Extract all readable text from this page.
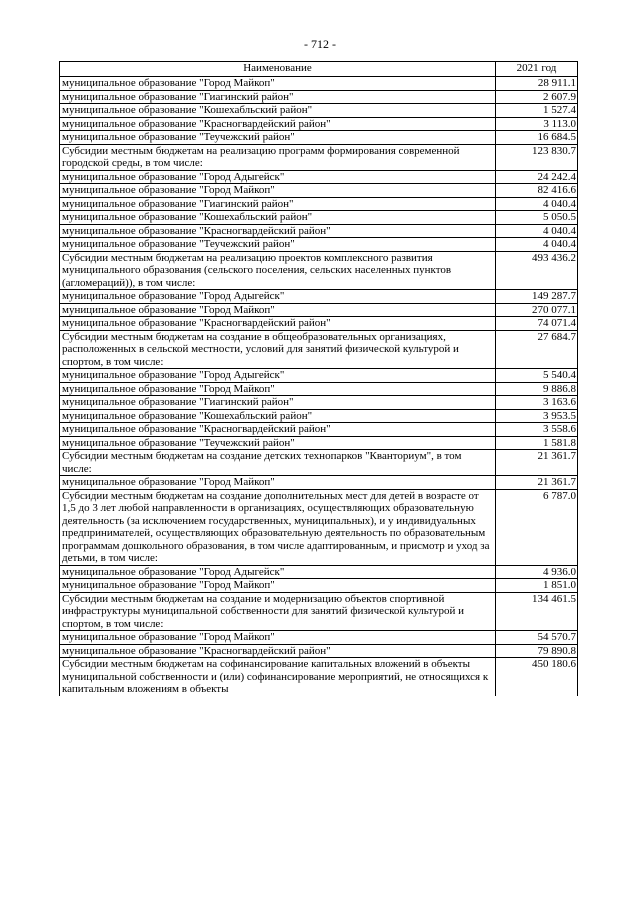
- 712 -
Наименование	2021 год
муниципальное образование "Город Майкоп"	28 911.1
муниципальное образование "Гиагинский район"	2 607.9
муниципальное образование "Кошехабльский район"	1 527.4
муниципальное образование "Красногвардейский район"	3 113.0
муниципальное образование "Теучежский район"	16 684.5
Субсидии местным бюджетам на реализацию программ формирования современной городской среды, в том числе:	123 830.7
муниципальное образование "Город Адыгейск"	24 242.4
муниципальное образование "Город Майкоп"	82 416.6
муниципальное образование "Гиагинский район"	4 040.4
муниципальное образование "Кошехабльский район"	5 050.5
муниципальное образование "Красногвардейский район"	4 040.4
муниципальное образование "Теучежский район"	4 040.4
Субсидии местным бюджетам на реализацию проектов комплексного развития муниципального образования (сельского поселения, сельских населенных пунктов (агломераций)), в том числе:	493 436.2
муниципальное образование "Город Адыгейск"	149 287.7
муниципальное образование "Город Майкоп"	270 077.1
муниципальное образование "Красногвардейский район"	74 071.4
Субсидии местным бюджетам на создание в общеобразовательных организациях, расположенных в сельской местности, условий для занятий физической культурой и спортом, в том числе:	27 684.7
муниципальное образование "Город Адыгейск"	5 540.4
муниципальное образование "Город Майкоп"	9 886.8
муниципальное образование "Гиагинский район"	3 163.6
муниципальное образование "Кошехабльский район"	3 953.5
муниципальное образование "Красногвардейский район"	3 558.6
муниципальное образование "Теучежский район"	1 581.8
Субсидии местным бюджетам на создание детских технопарков "Кванториум", в том числе:	21 361.7
муниципальное образование "Город Майкоп"	21 361.7
Субсидии местным бюджетам на создание дополнительных мест для детей в возрасте от 1,5 до 3 лет любой направленности в организациях, осуществляющих образовательную деятельность (за исключением государственных, муниципальных), и у индивидуальных предпринимателей, осуществляющих образовательную деятельность по образовательным программам дошкольного образования, в том числе адаптированным, и присмотр и уход за детьми, в том числе:	6 787.0
муниципальное образование "Город Адыгейск"	4 936.0
муниципальное образование "Город Майкоп"	1 851.0
Субсидии местным бюджетам на создание и модернизацию объектов спортивной инфраструктуры муниципальной собственности для занятий физической культурой и спортом, в том числе:	134 461.5
муниципальное образование "Город Майкоп"	54 570.7
муниципальное образование "Красногвардейский район"	79 890.8
Субсидии местным бюджетам на софинансирование капитальных вложений в объекты муниципальной собственности и (или) софинансирование мероприятий, не относящихся к капитальным вложениям в объекты	450 180.6
